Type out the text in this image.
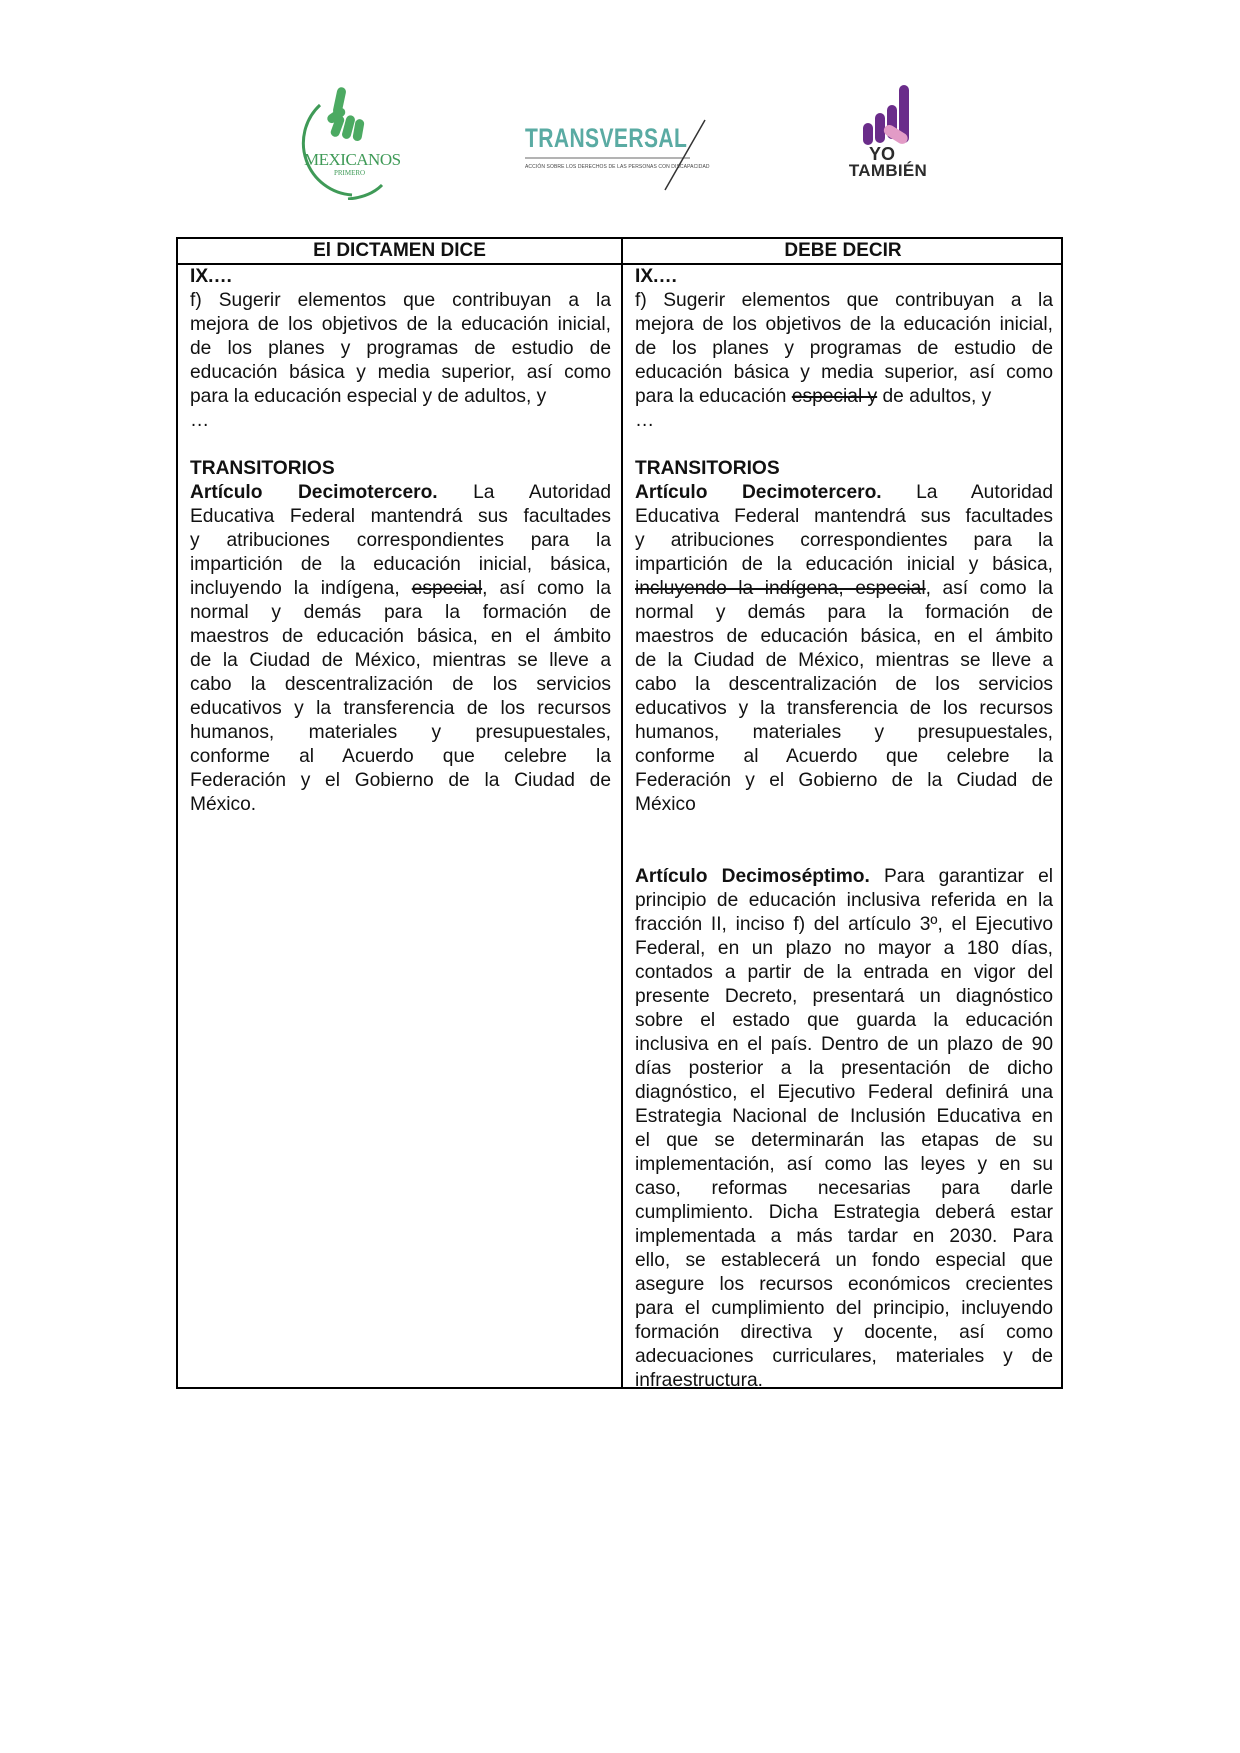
MEXICANOS
PRIMERO
TRANSVERSAL
ACCIÓN SOBRE LOS DERECHOS DE LAS PERSONAS CON DISCAPACIDAD
YO
TAMBIÉN
El DICTAMEN DICE	DEBE DECIR
IX.…
f) Sugerir elementos que contribuyan a la
mejora de los objetivos de la educación inicial,
de los planes y programas de estudio de
educación básica y media superior, así como
para la educación especial y de adultos, y
…
TRANSITORIOS
Artículo Decimotercero. La Autoridad
Educativa Federal mantendrá sus facultades
y atribuciones correspondientes para la
impartición de la educación inicial, básica,
incluyendo la indígena, especial, así como la
normal y demás para la formación de
maestros de educación básica, en el ámbito
de la Ciudad de México, mientras se lleve a
cabo la descentralización de los servicios
educativos y la transferencia de los recursos
humanos, materiales y presupuestales,
conforme al Acuerdo que celebre la
Federación y el Gobierno de la Ciudad de
México.
IX.…
f) Sugerir elementos que contribuyan a la
mejora de los objetivos de la educación inicial,
de los planes y programas de estudio de
educación básica y media superior, así como
para la educación especial y de adultos, y
…
TRANSITORIOS
Artículo Decimotercero. La Autoridad
Educativa Federal mantendrá sus facultades
y atribuciones correspondientes para la
impartición de la educación inicial y básica,
incluyendo la indígena, especial, así como la
normal y demás para la formación de
maestros de educación básica, en el ámbito
de la Ciudad de México, mientras se lleve a
cabo la descentralización de los servicios
educativos y la transferencia de los recursos
humanos, materiales y presupuestales,
conforme al Acuerdo que celebre la
Federación y el Gobierno de la Ciudad de
México
Artículo Decimoséptimo. Para garantizar el
principio de educación inclusiva referida en la
fracción II, inciso f) del artículo 3º, el Ejecutivo
Federal, en un plazo no mayor a 180 días,
contados a partir de la entrada en vigor del
presente Decreto, presentará un diagnóstico
sobre el estado que guarda la educación
inclusiva en el país. Dentro de un plazo de 90
días posterior a la presentación de dicho
diagnóstico, el Ejecutivo Federal definirá una
Estrategia Nacional de Inclusión Educativa en
el que se determinarán las etapas de su
implementación, así como las leyes y en su
caso, reformas necesarias para darle
cumplimiento. Dicha Estrategia deberá estar
implementada a más tardar en 2030. Para
ello, se establecerá un fondo especial que
asegure los recursos económicos crecientes
para el cumplimiento del principio, incluyendo
formación directiva y docente, así como
adecuaciones curriculares, materiales y de
infraestructura.
